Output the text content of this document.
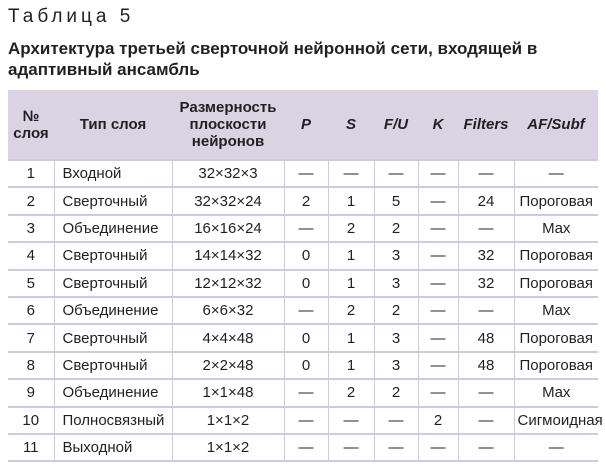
Таблица 5
Архитектура третьей сверточной нейронной сети, входящей в адаптивный ансамбль
№ слоя	Тип слоя	Размерность плоскости нейронов	P	S	F/U	K	Filters	AF/Subf
1	Входной	32×32×3	—	—	—	—	—	—
2	Сверточный	32×32×24	2	1	5	—	24	Пороговая
3	Объединение	16×16×24	—	2	2	—	—	Max
4	Сверточный	14×14×32	0	1	3	—	32	Пороговая
5	Сверточный	12×12×32	0	1	3	—	32	Пороговая
6	Объединение	6×6×32	—	2	2	—	—	Max
7	Сверточный	4×4×48	0	1	3	—	48	Пороговая
8	Сверточный	2×2×48	0	1	3	—	48	Пороговая
9	Объединение	1×1×48	—	2	2	—	—	Max
10	Полносвязный	1×1×2	—	—	—	2	—	Сигмоидная
11	Выходной	1×1×2	—	—	—	—	—	—
